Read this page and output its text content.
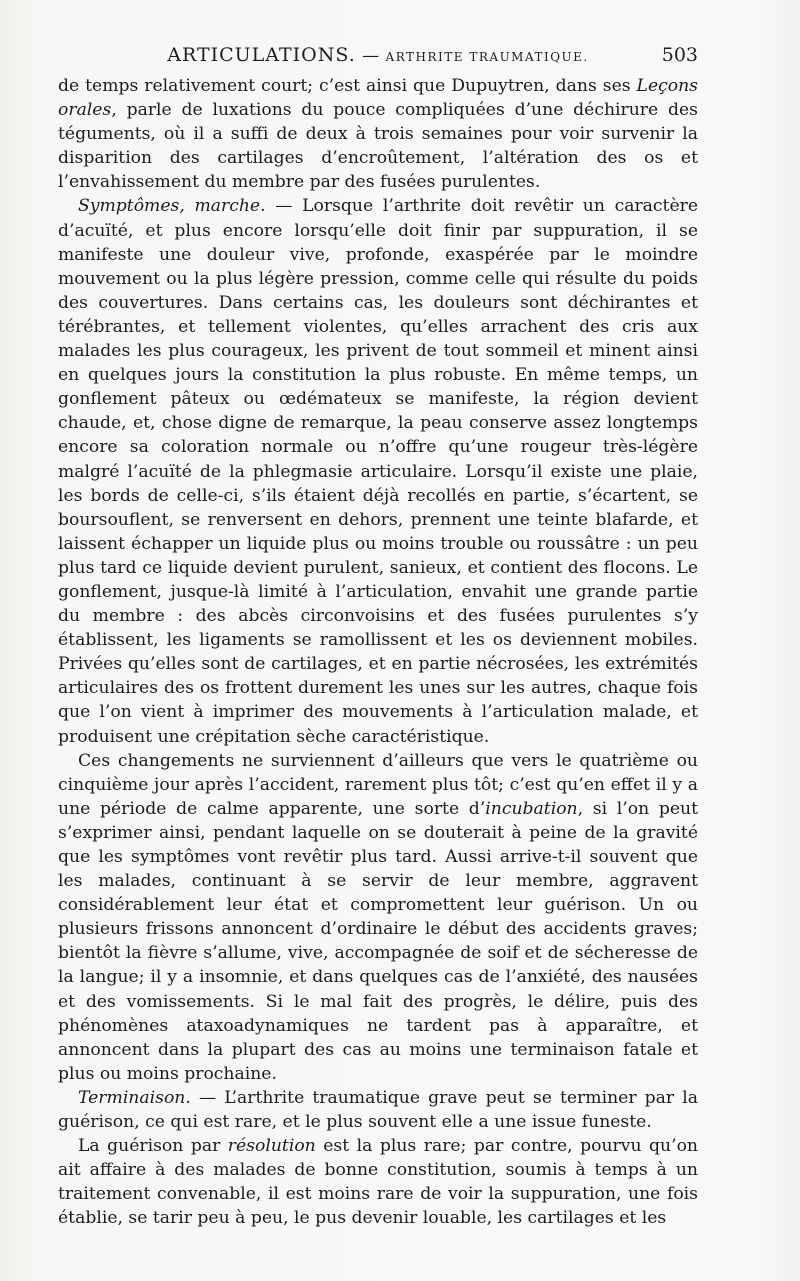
ARTICULATIONS. — ARTHRITE TRAUMATIQUE.	503

de temps relativement court; c’est ainsi que Dupuytren, dans ses Leçons orales, parle de luxations du pouce compliquées d’une déchirure des téguments, où il a suffi de deux à trois semaines pour voir survenir la disparition des cartilages d’encroûtement, l’altération des os et l’envahissement du membre par des fusées purulentes.

Symptômes, marche. — Lorsque l’arthrite doit revêtir un caractère d’acuïté, et plus encore lorsqu’elle doit finir par suppuration, il se manifeste une douleur vive, profonde, exaspérée par le moindre mouvement ou la plus légère pression, comme celle qui résulte du poids des couvertures. Dans certains cas, les douleurs sont déchirantes et térébrantes, et tellement violentes, qu’elles arrachent des cris aux malades les plus courageux, les privent de tout sommeil et minent ainsi en quelques jours la constitution la plus robuste. En même temps, un gonflement pâteux ou œdémateux se manifeste, la région devient chaude, et, chose digne de remarque, la peau conserve assez longtemps encore sa coloration normale ou n’offre qu’une rougeur très-légère malgré l’acuïté de la phlegmasie articulaire. Lorsqu’il existe une plaie, les bords de celle-ci, s’ils étaient déjà recollés en partie, s’écartent, se boursouflent, se renversent en dehors, prennent une teinte blafarde, et laissent échapper un liquide plus ou moins trouble ou roussâtre : un peu plus tard ce liquide devient purulent, sanieux, et contient des flocons. Le gonflement, jusque-là limité à l’articulation, envahit une grande partie du membre : des abcès circonvoisins et des fusées purulentes s’y établissent, les ligaments se ramollissent et les os deviennent mobiles. Privées qu’elles sont de cartilages, et en partie nécrosées, les extrémités articulaires des os frottent durement les unes sur les autres, chaque fois que l’on vient à imprimer des mouvements à l’articulation malade, et produisent une crépitation sèche caractéristique.

Ces changements ne surviennent d’ailleurs que vers le quatrième ou cinquième jour après l’accident, rarement plus tôt; c’est qu’en effet il y a une période de calme apparente, une sorte d’incubation, si l’on peut s’exprimer ainsi, pendant laquelle on se douterait à peine de la gravité que les symptômes vont revêtir plus tard. Aussi arrive-t-il souvent que les malades, continuant à se servir de leur membre, aggravent considérablement leur état et compromettent leur guérison. Un ou plusieurs frissons annoncent d’ordinaire le début des accidents graves; bientôt la fièvre s’allume, vive, accompagnée de soif et de sécheresse de la langue; il y a insomnie, et dans quelques cas de l’anxiété, des nausées et des vomissements. Si le mal fait des progrès, le délire, puis des phénomènes ataxoadynamiques ne tardent pas à apparaître, et annoncent dans la plupart des cas au moins une terminaison fatale et plus ou moins prochaine.

Terminaison. — L’arthrite traumatique grave peut se terminer par la guérison, ce qui est rare, et le plus souvent elle a une issue funeste.

La guérison par résolution est la plus rare; par contre, pourvu qu’on ait affaire à des malades de bonne constitution, soumis à temps à un traitement convenable, il est moins rare de voir la suppuration, une fois établie, se tarir peu à peu, le pus devenir louable, les cartilages et les
